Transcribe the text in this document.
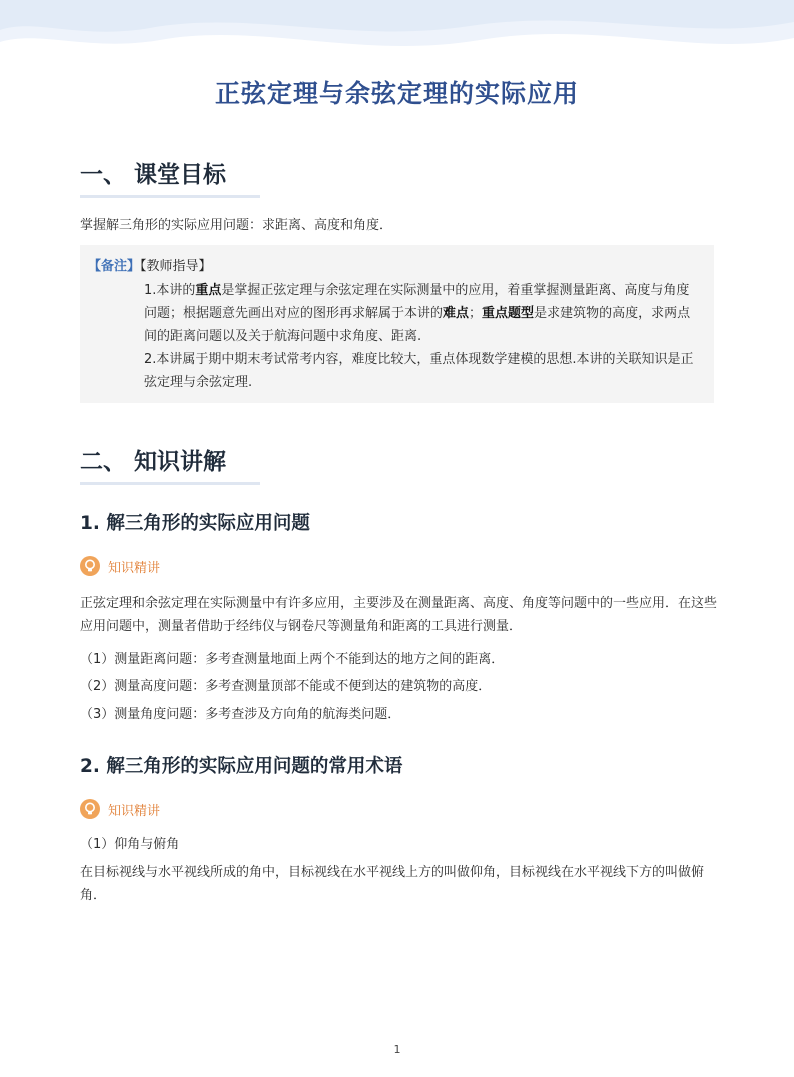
正弦定理与余弦定理的实际应用
一、 课堂目标
掌握解三角形的实际应用问题：求距离、高度和角度．
【备注】【教师指导】
1.本讲的重点是掌握正弦定理与余弦定理在实际测量中的应用，着重掌握测量距离、高度与角度问题；根据题意先画出对应的图形再求解属于本讲的难点；重点题型是求建筑物的高度，求两点间的距离问题以及关于航海问题中求角度、距离.
2.本讲属于期中期末考试常考内容，难度比较大，重点体现数学建模的思想.本讲的关联知识是正弦定理与余弦定理.
二、 知识讲解
1. 解三角形的实际应用问题
知识精讲
正弦定理和余弦定理在实际测量中有许多应用，主要涉及在测量距离、高度、角度等问题中的一些应用．在这些应用问题中，测量者借助于经纬仪与钢卷尺等测量角和距离的工具进行测量．
（1）测量距离问题：多考查测量地面上两个不能到达的地方之间的距离．
（2）测量高度问题：多考查测量顶部不能或不便到达的建筑物的高度．
（3）测量角度问题：多考查涉及方向角的航海类问题．
2. 解三角形的实际应用问题的常用术语
知识精讲
（1）仰角与俯角
在目标视线与水平视线所成的角中，目标视线在水平视线上方的叫做仰角，目标视线在水平视线下方的叫做俯角．
1
